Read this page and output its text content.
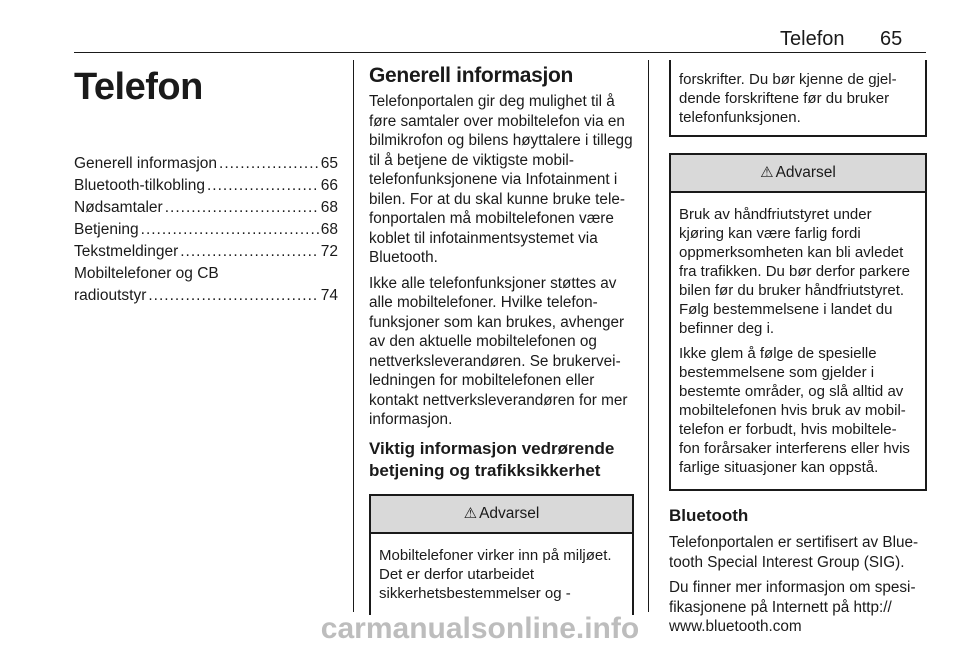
Telefon 65
Telefon
Generell informasjon .....	65
Bluetooth-tilkobling .....	66
Nødsamtaler .....	68
Betjening .....	68
Tekstmeldinger .....	72
Mobiltelefoner og CB
radioutstyr .....	74
Generell informasjon

Telefonportalen gir deg mulighet til å føre samtaler over mobiltelefon via en bilmikrofon og bilens høyttalere i tillegg til å betjene de viktigste mobil-telefonfunksjonene via Infotainment i bilen. For at du skal kunne bruke tele-fonportalen må mobiltelefonen være koblet til infotainmentsystemet via Bluetooth.

Ikke alle telefonfunksjoner støttes av alle mobiltelefoner. Hvilke telefon-funksjoner som kan brukes, avhenger av den aktuelle mobiltelefonen og nettverksleverandøren. Se brukervei-ledningen for mobiltelefonen eller kontakt nettverksleverandøren for mer informasjon.

Viktig informasjon vedrørende betjening og trafikksikkerhet
⚠ Advarsel

Mobiltelefoner virker inn på miljøet. Det er derfor utarbeidet sikkerhetsbestemmelser og -

forskrifter. Du bør kjenne de gjel-dende forskriftene før du bruker telefonfunksjonen.

⚠ Advarsel

Bruk av håndfriutstyret under kjøring kan være farlig fordi oppmerksomheten kan bli avledet fra trafikken. Du bør derfor parkere bilen før du bruker håndfriutstyret. Følg bestemmelsene i landet du befinner deg i.

Ikke glem å følge de spesielle bestemmelsene som gjelder i bestemte områder, og slå alltid av mobiltelefonen hvis bruk av mobil-telefon er forbudt, hvis mobiltele-fon forårsaker interferens eller hvis farlige situasjoner kan oppstå.

Bluetooth

Telefonportalen er sertifisert av Blue-tooth Special Interest Group (SIG).

Du finner mer informasjon om spesi-fikasjonene på Internett på http:// www.bluetooth.com

carmanualsonline.info
